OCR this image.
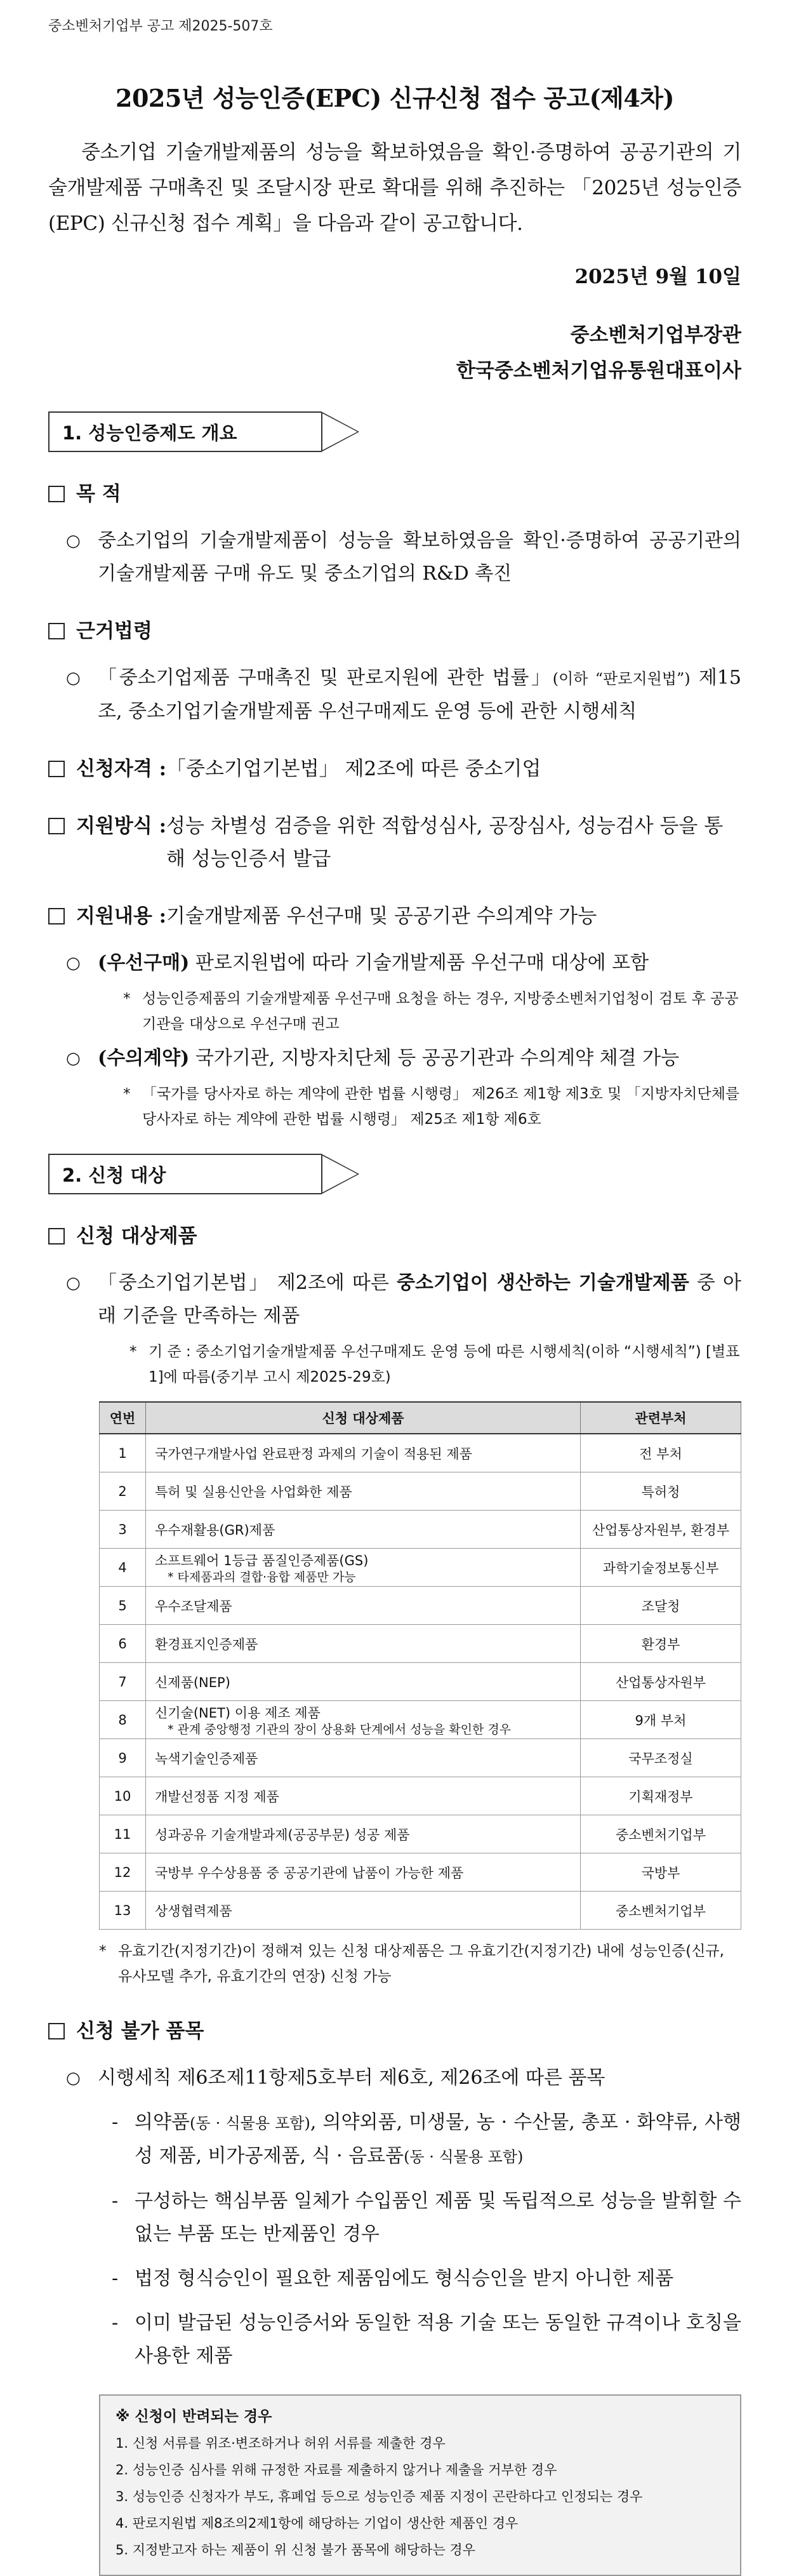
중소벤처기업부 공고 제2025-507호
2025년 성능인증(EPC) 신규신청 접수 공고(제4차)
중소기업 기술개발제품의 성능을 확보하였음을 확인·증명하여 공공기관의 기술개발제품 구매촉진 및 조달시장 판로 확대를 위해 추진하는 「2025년 성능인증(EPC) 신규신청 접수 계획」을 다음과 같이 공고합니다.
2025년 9월 10일
중소벤처기업부장관
한국중소벤처기업유통원대표이사
1. 성능인증제도 개요
목 적
○ 중소기업의 기술개발제품이 성능을 확보하였음을 확인·증명하여 공공기관의 기술개발제품 구매 유도 및 중소기업의 R&D 촉진
근거법령
○ 「중소기업제품 구매촉진 및 판로지원에 관한 법률」(이하 “판로지원법”) 제15조, 중소기업기술개발제품 우선구매제도 운영 등에 관한 시행세칙
신청자격 : 「중소기업기본법」 제2조에 따른 중소기업
지원방식 : 성능 차별성 검증을 위한 적합성심사, 공장심사, 성능검사 등을 통해 성능인증서 발급
지원내용 : 기술개발제품 우선구매 및 공공기관 수의계약 가능
○ (우선구매) 판로지원법에 따라 기술개발제품 우선구매 대상에 포함
* 성능인증제품의 기술개발제품 우선구매 요청을 하는 경우, 지방중소벤처기업청이 검토 후 공공기관을 대상으로 우선구매 권고
○ (수의계약) 국가기관, 지방자치단체 등 공공기관과 수의계약 체결 가능
* 「국가를 당사자로 하는 계약에 관한 법률 시행령」 제26조 제1항 제3호 및 「지방자치단체를 당사자로 하는 계약에 관한 법률 시행령」 제25조 제1항 제6호
2. 신청 대상
신청 대상제품
○ 「중소기업기본법」 제2조에 따른 중소기업이 생산하는 기술개발제품 중 아래 기준을 만족하는 제품
* 기 준 : 중소기업기술개발제품 우선구매제도 운영 등에 따른 시행세칙(이하 “시행세칙”) [별표 1]에 따름(중기부 고시 제2025-29호)
연번	신청 대상제품	관련부처
1	국가연구개발사업 완료판정 과제의 기술이 적용된 제품	전 부처
2	특허 및 실용신안을 사업화한 제품	특허청
3	우수재활용(GR)제품	산업통상자원부, 환경부
4	소프트웨어 1등급 품질인증제품(GS)
* 타제품과의 결합·융합 제품만 가능	과학기술정보통신부
5	우수조달제품	조달청
6	환경표지인증제품	환경부
7	신제품(NEP)	산업통상자원부
8	신기술(NET) 이용 제조 제품
* 관계 중앙행정 기관의 장이 상용화 단계에서 성능을 확인한 경우	9개 부처
9	녹색기술인증제품	국무조정실
10	개발선정품 지정 제품	기획재정부
11	성과공유 기술개발과제(공공부문) 성공 제품	중소벤처기업부
12	국방부 우수상용품 중 공공기관에 납품이 가능한 제품	국방부
13	상생협력제품	중소벤처기업부
* 유효기간(지정기간)이 정해져 있는 신청 대상제품은 그 유효기간(지정기간) 내에 성능인증(신규, 유사모델 추가, 유효기간의 연장) 신청 가능
신청 불가 품목
○ 시행세칙 제6조제11항제5호부터 제6호, 제26조에 따른 품목
- 의약품(동 · 식물용 포함), 의약외품, 미생물, 농 · 수산물, 총포 · 화약류, 사행성 제품, 비가공제품, 식 · 음료품(동 · 식물용 포함)
- 구성하는 핵심부품 일체가 수입품인 제품 및 독립적으로 성능을 발휘할 수 없는 부품 또는 반제품인 경우
- 법정 형식승인이 필요한 제품임에도 형식승인을 받지 아니한 제품
- 이미 발급된 성능인증서와 동일한 적용 기술 또는 동일한 규격이나 호칭을 사용한 제품
※ 신청이 반려되는 경우
1. 신청 서류를 위조·변조하거나 허위 서류를 제출한 경우
2. 성능인증 심사를 위해 규정한 자료를 제출하지 않거나 제출을 거부한 경우
3. 성능인증 신청자가 부도, 휴폐업 등으로 성능인증 제품 지정이 곤란하다고 인정되는 경우
4. 판로지원법 제8조의2제1항에 해당하는 기업이 생산한 제품인 경우
5. 지정받고자 하는 제품이 위 신청 불가 품목에 해당하는 경우
